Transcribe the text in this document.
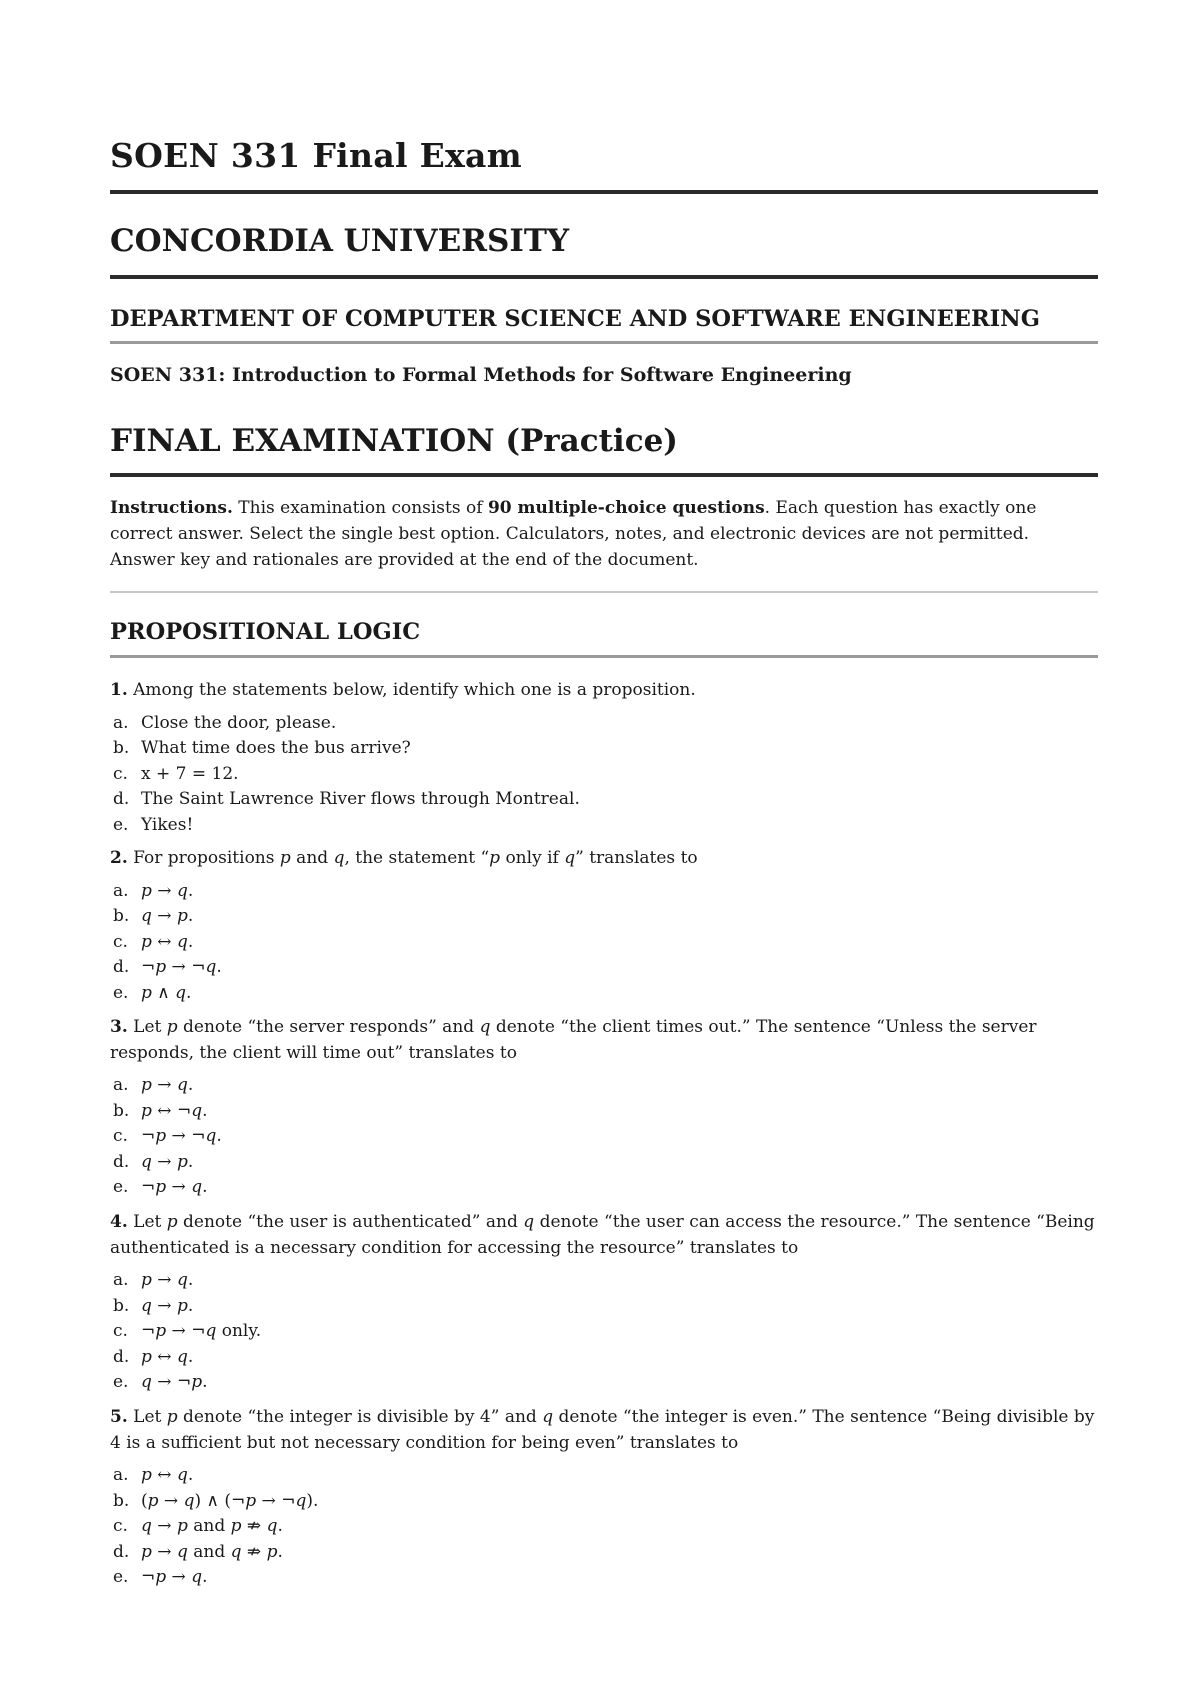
SOEN 331 Final Exam
CONCORDIA UNIVERSITY
DEPARTMENT OF COMPUTER SCIENCE AND SOFTWARE ENGINEERING
SOEN 331: Introduction to Formal Methods for Software Engineering
FINAL EXAMINATION (Practice)
Instructions. This examination consists of 90 multiple-choice questions. Each question has exactly one correct answer. Select the single best option. Calculators, notes, and electronic devices are not permitted. Answer key and rationales are provided at the end of the document.
PROPOSITIONAL LOGIC
1. Among the statements below, identify which one is a proposition.
a. Close the door, please.
b. What time does the bus arrive?
c. x + 7 = 12.
d. The Saint Lawrence River flows through Montreal.
e. Yikes!
2. For propositions p and q, the statement “p only if q” translates to
a. p → q.
b. q → p.
c. p ↔ q.
d. ¬p → ¬q.
e. p ∧ q.
3. Let p denote “the server responds” and q denote “the client times out.” The sentence “Unless the server responds, the client will time out” translates to
a. p → q.
b. p ↔ ¬q.
c. ¬p → ¬q.
d. q → p.
e. ¬p → q.
4. Let p denote “the user is authenticated” and q denote “the user can access the resource.” The sentence “Being authenticated is a necessary condition for accessing the resource” translates to
a. p → q.
b. q → p.
c. ¬p → ¬q only.
d. p ↔ q.
e. q → ¬p.
5. Let p denote “the integer is divisible by 4” and q denote “the integer is even.” The sentence “Being divisible by 4 is a sufficient but not necessary condition for being even” translates to
a. p ↔ q.
b. (p → q) ∧ (¬p → ¬q).
c. q → p and p ⇏ q.
d. p → q and q ⇏ p.
e. ¬p → q.
